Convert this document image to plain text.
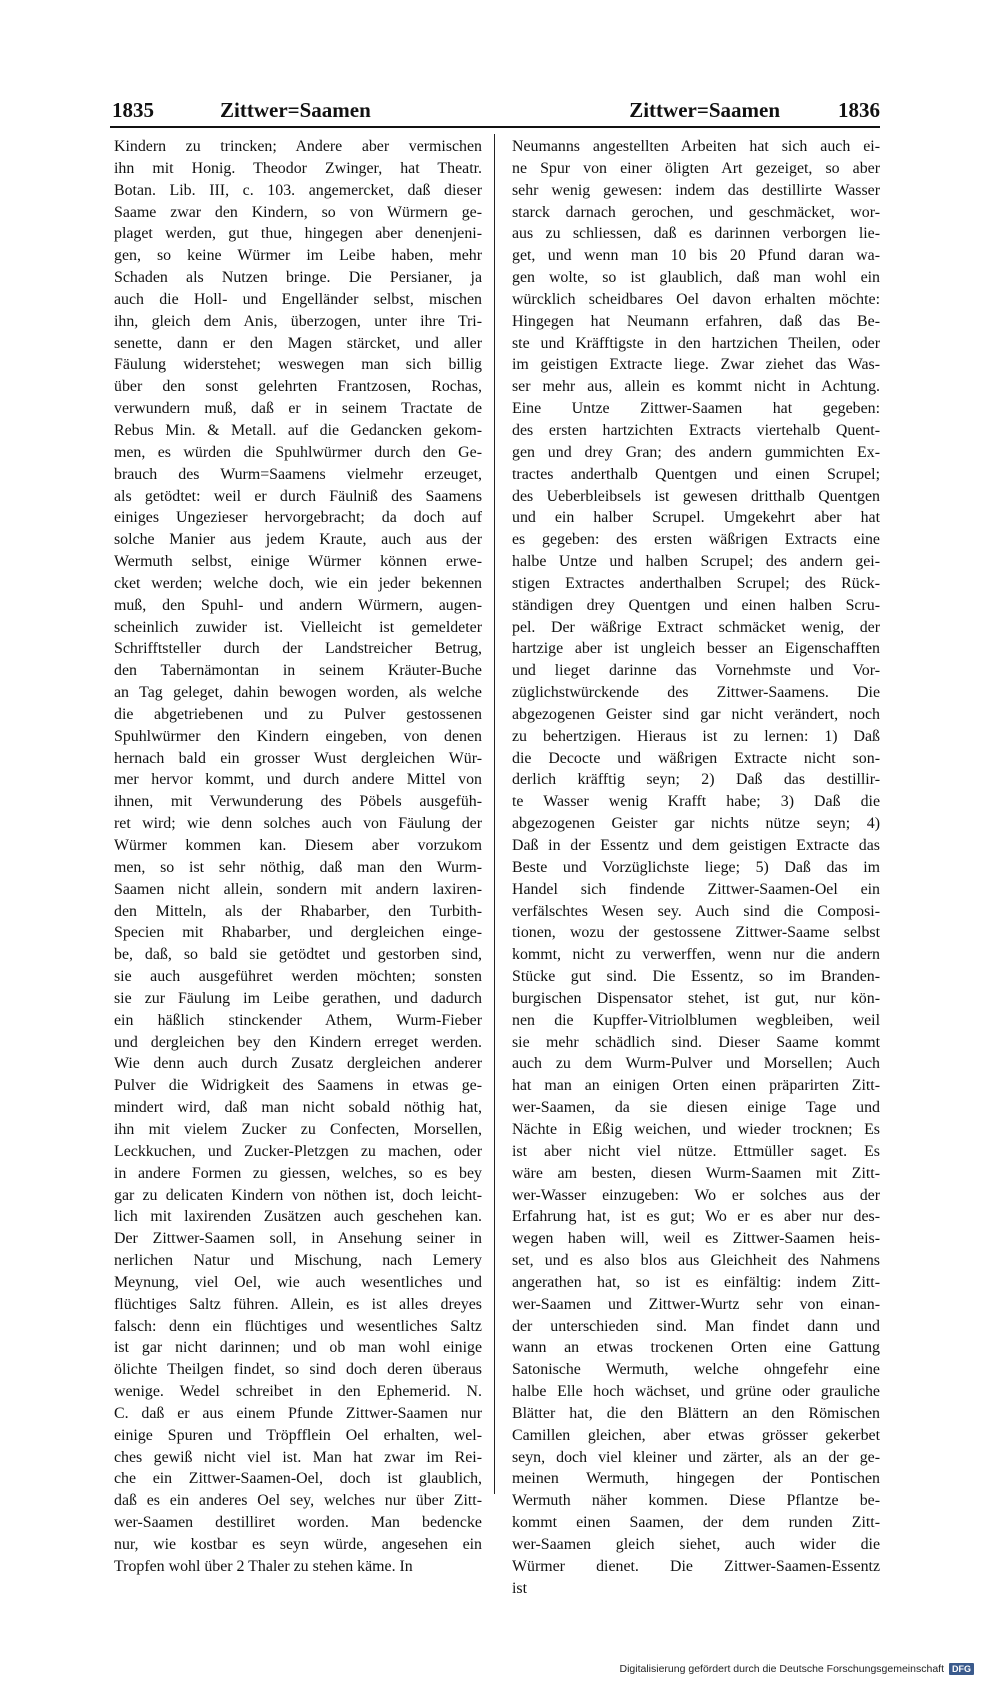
1835	Zittwer=Saamen	Zittwer=Saamen	1836
Kindern zu trincken; Andere aber vermischen
ihn mit Honig. Theodor Zwinger, hat Theatr.
Botan. Lib. III, c. 103. angemercket, daß dieser
Saame zwar den Kindern, so von Würmern ge-
plaget werden, gut thue, hingegen aber denenjeni-
gen, so keine Würmer im Leibe haben, mehr
Schaden als Nutzen bringe. Die Persianer, ja
auch die Holl- und Engelländer selbst, mischen
ihn, gleich dem Anis, überzogen, unter ihre Tri-
senette, dann er den Magen stärcket, und aller
Fäulung widerstehet; weswegen man sich billig
über den sonst gelehrten Frantzosen, Rochas,
verwundern muß, daß er in seinem Tractate de
Rebus Min. & Metall. auf die Gedancken gekom-
men, es würden die Spuhlwürmer durch den Ge-
brauch des Wurm=Saamens vielmehr erzeuget,
als getödtet: weil er durch Fäulniß des Saamens
einiges Ungezieser hervorgebracht; da doch auf
solche Manier aus jedem Kraute, auch aus der
Wermuth selbst, einige Würmer können erwe-
cket werden; welche doch, wie ein jeder bekennen
muß, den Spuhl- und andern Würmern, augen-
scheinlich zuwider ist. Vielleicht ist gemeldeter
Schrifftsteller durch der Landstreicher Betrug,
den Tabernämontan in seinem Kräuter-Buche
an Tag geleget, dahin bewogen worden, als welche
die abgetriebenen und zu Pulver gestossenen
Spuhlwürmer den Kindern eingeben, von denen
hernach bald ein grosser Wust dergleichen Wür-
mer hervor kommt, und durch andere Mittel von
ihnen, mit Verwunderung des Pöbels ausgefüh-
ret wird; wie denn solches auch von Fäulung der
Würmer kommen kan. Diesem aber vorzukom
men, so ist sehr nöthig, daß man den Wurm-
Saamen nicht allein, sondern mit andern laxiren-
den Mitteln, als der Rhabarber, den Turbith-
Specien mit Rhabarber, und dergleichen einge-
be, daß, so bald sie getödtet und gestorben sind,
sie auch ausgeführet werden möchten; sonsten
sie zur Fäulung im Leibe gerathen, und dadurch
ein häßlich stinckender Athem, Wurm-Fieber
und dergleichen bey den Kindern erreget werden.
Wie denn auch durch Zusatz dergleichen anderer
Pulver die Widrigkeit des Saamens in etwas ge-
mindert wird, daß man nicht sobald nöthig hat,
ihn mit vielem Zucker zu Confecten, Morsellen,
Leckkuchen, und Zucker-Pletzgen zu machen, oder
in andere Formen zu giessen, welches, so es bey
gar zu delicaten Kindern von nöthen ist, doch leicht-
lich mit laxirenden Zusätzen auch geschehen kan.
Der Zittwer-Saamen soll, in Ansehung seiner in
nerlichen Natur und Mischung, nach Lemery
Meynung, viel Oel, wie auch wesentliches und
flüchtiges Saltz führen. Allein, es ist alles dreyes
falsch: denn ein flüchtiges und wesentliches Saltz
ist gar nicht darinnen; und ob man wohl einige
ölichte Theilgen findet, so sind doch deren überaus
wenige. Wedel schreibet in den Ephemerid. N.
C. daß er aus einem Pfunde Zittwer-Saamen nur
einige Spuren und Tröpfflein Oel erhalten, wel-
ches gewiß nicht viel ist. Man hat zwar im Rei-
che ein Zittwer-Saamen-Oel, doch ist glaublich,
daß es ein anderes Oel sey, welches nur über Zitt-
wer-Saamen destilliret worden. Man bedencke
nur, wie kostbar es seyn würde, angesehen ein
Tropfen wohl über 2 Thaler zu stehen käme. In
Neumanns angestellten Arbeiten hat sich auch ei-
ne Spur von einer öligten Art gezeiget, so aber
sehr wenig gewesen: indem das destillirte Wasser
starck darnach gerochen, und geschmäcket, wor-
aus zu schliessen, daß es darinnen verborgen lie-
get, und wenn man 10 bis 20 Pfund daran wa-
gen wolte, so ist glaublich, daß man wohl ein
würcklich scheidbares Oel davon erhalten möchte:
Hingegen hat Neumann erfahren, daß das Be-
ste und Kräfftigste in den hartzichen Theilen, oder
im geistigen Extracte liege. Zwar ziehet das Was-
ser mehr aus, allein es kommt nicht in Achtung.
Eine Untze Zittwer-Saamen hat gegeben:
des ersten hartzichten Extracts viertehalb Quent-
gen und drey Gran; des andern gummichten Ex-
tractes anderthalb Quentgen und einen Scrupel;
des Ueberbleibsels ist gewesen dritthalb Quentgen
und ein halber Scrupel. Umgekehrt aber hat
es gegeben: des ersten wäßrigen Extracts eine
halbe Untze und halben Scrupel; des andern gei-
stigen Extractes anderthalben Scrupel; des Rück-
ständigen drey Quentgen und einen halben Scru-
pel. Der wäßrige Extract schmäcket wenig, der
hartzige aber ist ungleich besser an Eigenschafften
und lieget darinne das Vornehmste und Vor-
züglichstwürckende des Zittwer-Saamens. Die
abgezogenen Geister sind gar nicht verändert, noch
zu behertzigen. Hieraus ist zu lernen: 1) Daß
die Decocte und wäßrigen Extracte nicht son-
derlich kräfftig seyn; 2) Daß das destillir-
te Wasser wenig Krafft habe; 3) Daß die
abgezogenen Geister gar nichts nütze seyn; 4)
Daß in der Essentz und dem geistigen Extracte das
Beste und Vorzüglichste liege; 5) Daß das im
Handel sich findende Zittwer-Saamen-Oel ein
verfälschtes Wesen sey. Auch sind die Composi-
tionen, wozu der gestossene Zittwer-Saame selbst
kommt, nicht zu verwerffen, wenn nur die andern
Stücke gut sind. Die Essentz, so im Branden-
burgischen Dispensator stehet, ist gut, nur kön-
nen die Kupffer-Vitriolblumen wegbleiben, weil
sie mehr schädlich sind. Dieser Saame kommt
auch zu dem Wurm-Pulver und Morsellen; Auch
hat man an einigen Orten einen präparirten Zitt-
wer-Saamen, da sie diesen einige Tage und
Nächte in Eßig weichen, und wieder trocknen; Es
ist aber nicht viel nütze. Ettmüller saget. Es
wäre am besten, diesen Wurm-Saamen mit Zitt-
wer-Wasser einzugeben: Wo er solches aus der
Erfahrung hat, ist es gut; Wo er es aber nur des-
wegen haben will, weil es Zittwer-Saamen heis-
set, und es also blos aus Gleichheit des Nahmens
angerathen hat, so ist es einfältig: indem Zitt-
wer-Saamen und Zittwer-Wurtz sehr von einan-
der unterschieden sind. Man findet dann und
wann an etwas trockenen Orten eine Gattung
Satonische Wermuth, welche ohngefehr eine
halbe Elle hoch wächset, und grüne oder grauliche
Blätter hat, die den Blättern an den Römischen
Camillen gleichen, aber etwas grösser gekerbet
seyn, doch viel kleiner und zärter, als an der ge-
meinen Wermuth, hingegen der Pontischen
Wermuth näher kommen. Diese Pflantze be-
kommt einen Saamen, der dem runden Zitt-
wer-Saamen gleich siehet, auch wider die
Würmer dienet. Die Zittwer-Saamen-Essentz
ist
Digitalisierung gefördert durch die Deutsche Forschungsgemeinschaft DFG
